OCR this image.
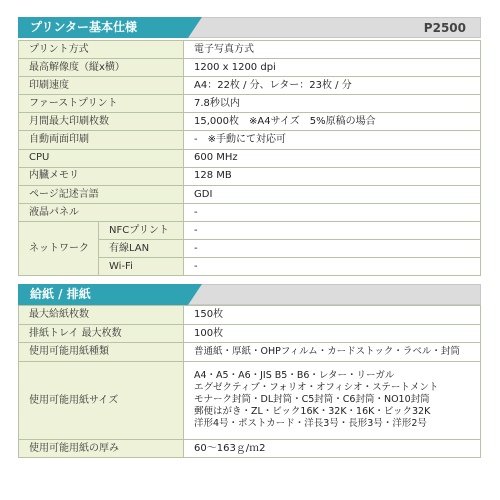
プリンター基本仕様	P2500
プリント方式	電子写真方式
最高解像度（縦x横）	1200 x 1200 dpi
印刷速度	A4：22枚 / 分、レター：23枚 / 分
ファーストプリント	7.8秒以内
月間最大印刷枚数	15,000枚　※A4サイズ　5%原稿の場合
自動両面印刷	-　※手動にて対応可
CPU	600 MHz
内臓メモリ	128 MB
ページ記述言語	GDI
液晶パネル	-
ネットワーク	NFCプリント	-
	有線LAN	-
	Wi-Fi	-
給紙 / 排紙
最大給紙枚数	150枚
排紙トレイ 最大枚数	100枚
使用可能用紙種類	普通紙・厚紙・OHPフィルム・カードストック・ラベル・封筒
使用可能用紙サイズ	A4・A5・A6・JIS B5・B6・レター・リーガル
エグゼクティブ・フォリオ・オフィシオ・ステートメント
モナーク封筒・DL封筒・C5封筒・C6封筒・NO10封筒
郵便はがき・ZL・ビック16K・32K・16K・ビック32K
洋形4号・ポストカード・洋長3号・長形3号・洋形2号

使用可能用紙の厚み	60～163ｇ/ｍ2
